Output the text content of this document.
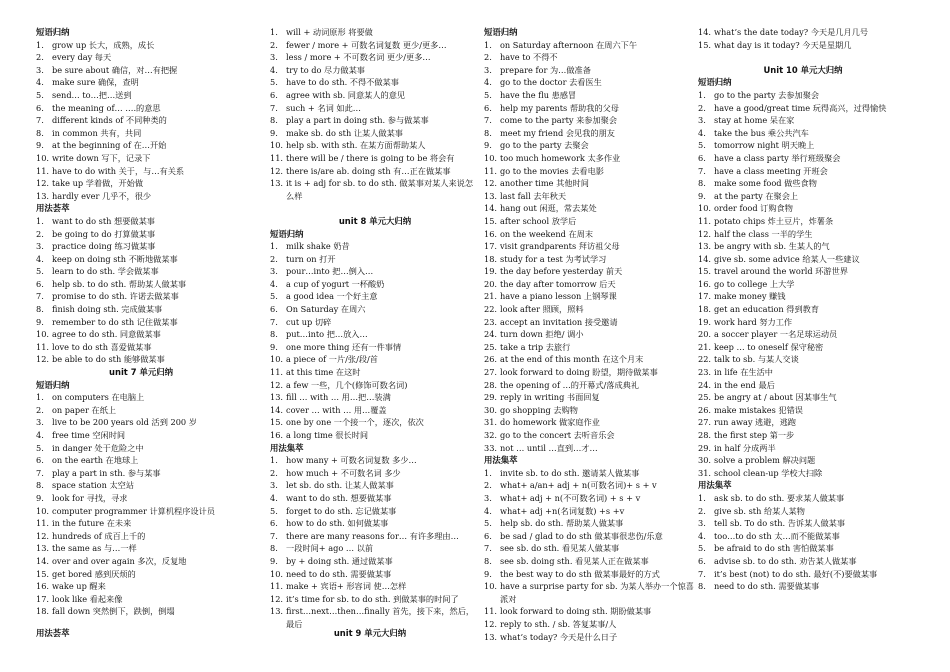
短语归纳
1. grow up 长大，成熟，成长
2. every day 每天
3. be sure about 确信，对…有把握
4. make sure 确保，查明
5. send… to…把…送到
6. the meaning of… ….的意思
7. different kinds of 不同种类的
8. in common 共有，共同
9. at the beginning of 在…开始
10. write down 写下，记录下
11. have to do with 关于，与…有关系
12. take up 学着做，开始做
13. hardly ever 几乎不，很少
用法荟萃
1. want to do sth 想要做某事
2. be going to do 打算做某事
3. practice doing 练习做某事
4. keep on doing sth 不断地做某事
5. learn to do sth. 学会做某事
6. help sb. to do sth. 帮助某人做某事
7. promise to do sth. 许诺去做某事
8. finish doing sth. 完成做某事
9. remember to do sth 记住做某事
10. agree to do sth. 同意做某事
11. love to do sth 喜爱做某事
12. be able to do sth 能够做某事
unit 7 单元归纳
短语归纳
1. on computers 在电脑上
2. on paper 在纸上
3. live to be 200 years old 活到 200 岁
4. free time 空闲时间
5. in danger 处于危险之中
6. on the earth 在地球上
7. play a part in sth. 参与某事
8. space station 太空站
9. look for 寻找，寻求
10. computer programmer 计算机程序设计员
11. in the future 在未来
12. hundreds of 成百上千的
13. the same as 与…一样
14. over and over again 多次，反复地
15. get bored 感到厌烦的
16. wake up 醒来
17. look like 看起来像
18. fall down 突然倒下，跌倒，倒塌
1. will + 动词原形 将要做
2. fewer / more + 可数名词复数 更少/更多…
3. less / more + 不可数名词 更少/更多…
4. try to do 尽力做某事
5. have to do sth. 不得不做某事
6. agree with sb. 同意某人的意见
7. such + 名词 如此…
8. play a part in doing sth. 参与做某事
9. make sb. do sth 让某人做某事
10. help sb. with sth. 在某方面帮助某人
11. there will be / there is going to be 将会有
12. there is/are ab. doing sth 有…正在做某事
13. it is + adj for sb. to do sth. 做某事对某人来说怎么样
unit 8 单元大归纳
短语归纳
1. milk shake 奶昔
2. turn on 打开
3. pour…into 把…倒入…
4. a cup of yogurt 一杯酸奶
5. a good idea 一个好主意
6. On Saturday 在周六
7. cut up 切碎
8. put…into 把…放入…
9. one more thing 还有一件事情
10. a piece of 一片/张/段/首
11. at this time 在这时
12. a few 一些，几个(修饰可数名词)
13. fill … with … 用…把…装满
14. cover … with … 用…覆盖
15. one by one 一个接一个，逐次，依次
16. a long time 很长时间
用法集萃
1. how many + 可数名词复数 多少…
2. how much + 不可数名词 多少
3. let sb. do sth. 让某人做某事
4. want to do sth. 想要做某事
5. forget to do sth. 忘记做某事
6. how to do sth. 如何做某事
7. there are many reasons for… 有许多理由…
8. 一段时间+ ago … 以前
9. by + doing sth. 通过做某事
10. need to do sth. 需要做某事
11. make + 宾语+ 形容词 使…怎样
12. it’s time for sb. to do sth. 到做某事的时间了
13. first…next…then…finally 首先，接下来，然后，最后
短语归纳
1. on Saturday afternoon 在周六下午
2. have to 不得不
3. prepare for 为…做准备
4. go to the doctor 去看医生
5. have the flu 患感冒
6. help my parents 帮助我的父母
7. come to the party 来参加聚会
8. meet my friend 会见我的朋友
9. go to the party 去聚会
10. too much homework 太多作业
11. go to the movies 去看电影
12. another time 其他时间
13. last fall 去年秋天
14. hang out 闲逛，常去某处
15. after school 放学后
16. on the weekend 在周末
17. visit grandparents 拜访祖父母
18. study for a test 为考试学习
19. the day before yesterday 前天
20. the day after tomorrow 后天
21. have a piano lesson 上钢琴课
22. look after 照顾，照料
23. accept an invitation 接受邀请
24. turn down 拒绝/ 调小
25. take a trip 去旅行
26. at the end of this month 在这个月末
27. look forward to doing 盼望，期待做某事
28. the opening of …的开幕式/落成典礼
29. reply in writing 书面回复
30. go shopping 去购物
31. do homework 做家庭作业
32. go to the concert 去听音乐会
33. not … until …直到…才…
用法集萃
1. invite sb. to do sth. 邀请某人做某事
2. what+ a/an+ adj + n(可数名词)+ s + v
3. what+ adj + n(不可数名词) + s + v
4. what+ adj +n(名词复数) +s +v
5. help sb. do sth. 帮助某人做某事
6. be sad / glad to do sth 做某事很悲伤/乐意
7. see sb. do sth. 看见某人做某事
8. see sb. doing sth. 看见某人正在做某事
9. the best way to do sth 做某事最好的方式
10. have a surprise party for sb. 为某人举办一个惊喜派对
11. look forward to doing sth. 期盼做某事
12. reply to sth. / sb. 答复某事/人
13. what’s today? 今天是什么日子
14. what’s the date today? 今天是几月几号
15. what day is it today? 今天是星期几
Unit 10 单元大归纳
短语归纳
1. go to the party 去参加聚会
2. have a good/great time 玩得高兴，过得愉快
3. stay at home 呆在家
4. take the bus 乘公共汽车
5. tomorrow night 明天晚上
6. have a class party 举行班级聚会
7. have a class meeting 开班会
8. make some food 做些食物
9. at the party 在聚会上
10. order food 订购食物
11. potato chips 炸土豆片，炸薯条
12. half the class 一半的学生
13. be angry with sb. 生某人的气
14. give sb. some advice 给某人一些建议
15. travel around the world 环游世界
16. go to college 上大学
17. make money 赚钱
18. get an education 得到教育
19. work hard 努力工作
20. a soccer player 一名足球运动员
21. keep … to oneself 保守秘密
22. talk to sb. 与某人交谈
23. in life 在生活中
24. in the end 最后
25. be angry at / about 因某事生气
26. make mistakes 犯错误
27. run away 逃避，逃跑
28. the first step 第一步
29. in half 分成两半
30. solve a problem 解决问题
31. school clean-up 学校大扫除
用法集萃
1. ask sb. to do sth. 要求某人做某事
2. give sb. sth 给某人某物
3. tell sb. To do sth. 告诉某人做某事
4. too…to do sth 太…而不能做某事
5. be afraid to do sth 害怕做某事
6. advise sb. to do sth. 劝告某人做某事
7. it’s best (not) to do sth. 最好(不)要做某事
8. need to do sth. 需要做某事
用法荟萃	unit 9 单元大归纳
